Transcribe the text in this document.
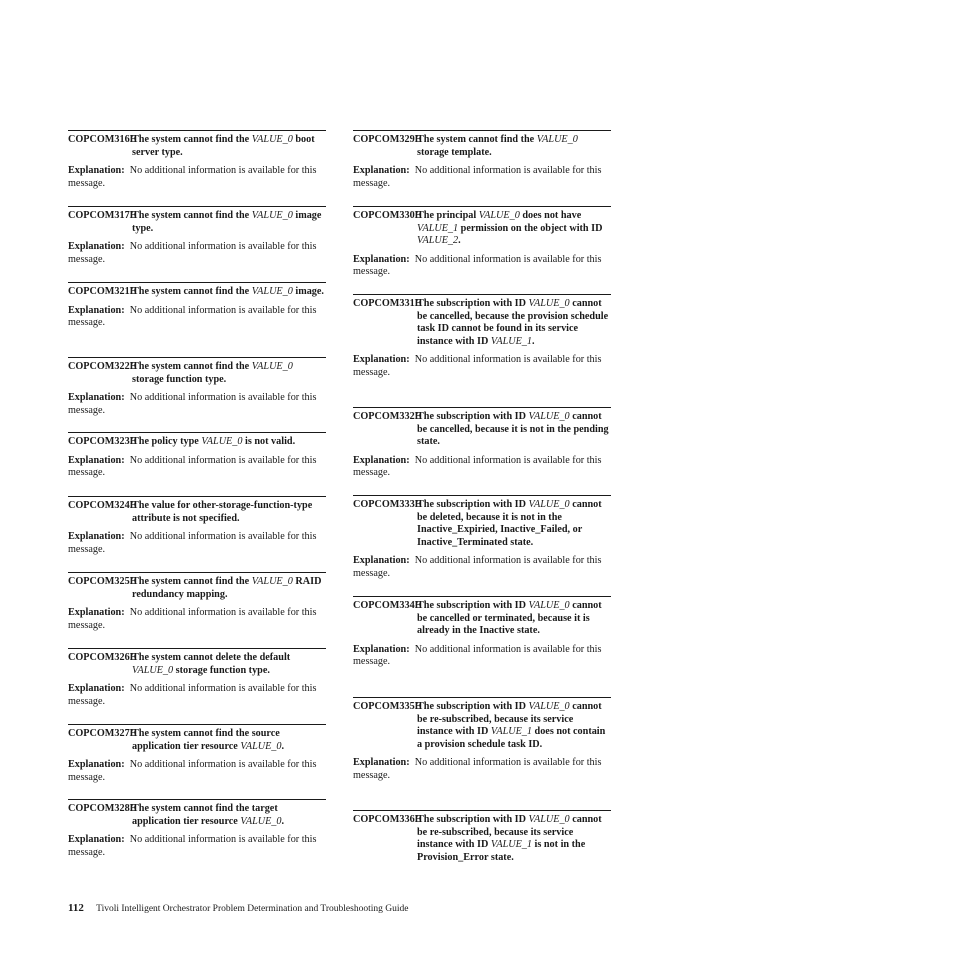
COPCOM316EThe system cannot find the VALUE_0 boot server type.
Explanation: No additional information is available for this message.
COPCOM317EThe system cannot find the VALUE_0 image type.
Explanation: No additional information is available for this message.
COPCOM321EThe system cannot find the VALUE_0 image.
Explanation: No additional information is available for this message.
COPCOM322EThe system cannot find the VALUE_0 storage function type.
Explanation: No additional information is available for this message.
COPCOM323EThe policy type VALUE_0 is not valid.
Explanation: No additional information is available for this message.
COPCOM324EThe value for other-storage-function-type attribute is not specified.
Explanation: No additional information is available for this message.
COPCOM325EThe system cannot find the VALUE_0 RAID redundancy mapping.
Explanation: No additional information is available for this message.
COPCOM326EThe system cannot delete the default VALUE_0 storage function type.
Explanation: No additional information is available for this message.
COPCOM327EThe system cannot find the source application tier resource VALUE_0.
Explanation: No additional information is available for this message.
COPCOM328EThe system cannot find the target application tier resource VALUE_0.
Explanation: No additional information is available for this message.
COPCOM329EThe system cannot find the VALUE_0 storage template.
Explanation: No additional information is available for this message.
COPCOM330EThe principal VALUE_0 does not have VALUE_1 permission on the object with ID VALUE_2.
Explanation: No additional information is available for this message.
COPCOM331EThe subscription with ID VALUE_0 cannot be cancelled, because the provision schedule task ID cannot be found in its service instance with ID VALUE_1.
Explanation: No additional information is available for this message.
COPCOM332EThe subscription with ID VALUE_0 cannot be cancelled, because it is not in the pending state.
Explanation: No additional information is available for this message.
COPCOM333EThe subscription with ID VALUE_0 cannot be deleted, because it is not in the Inactive_Expiried, Inactive_Failed, or Inactive_Terminated state.
Explanation: No additional information is available for this message.
COPCOM334EThe subscription with ID VALUE_0 cannot be cancelled or terminated, because it is already in the Inactive state.
Explanation: No additional information is available for this message.
COPCOM335EThe subscription with ID VALUE_0 cannot be re-subscribed, because its service instance with ID VALUE_1 does not contain a provision schedule task ID.
Explanation: No additional information is available for this message.
COPCOM336EThe subscription with ID VALUE_0 cannot be re-subscribed, because its service instance with ID VALUE_1 is not in the Provision_Error state.
112 Tivoli Intelligent Orchestrator Problem Determination and Troubleshooting Guide
